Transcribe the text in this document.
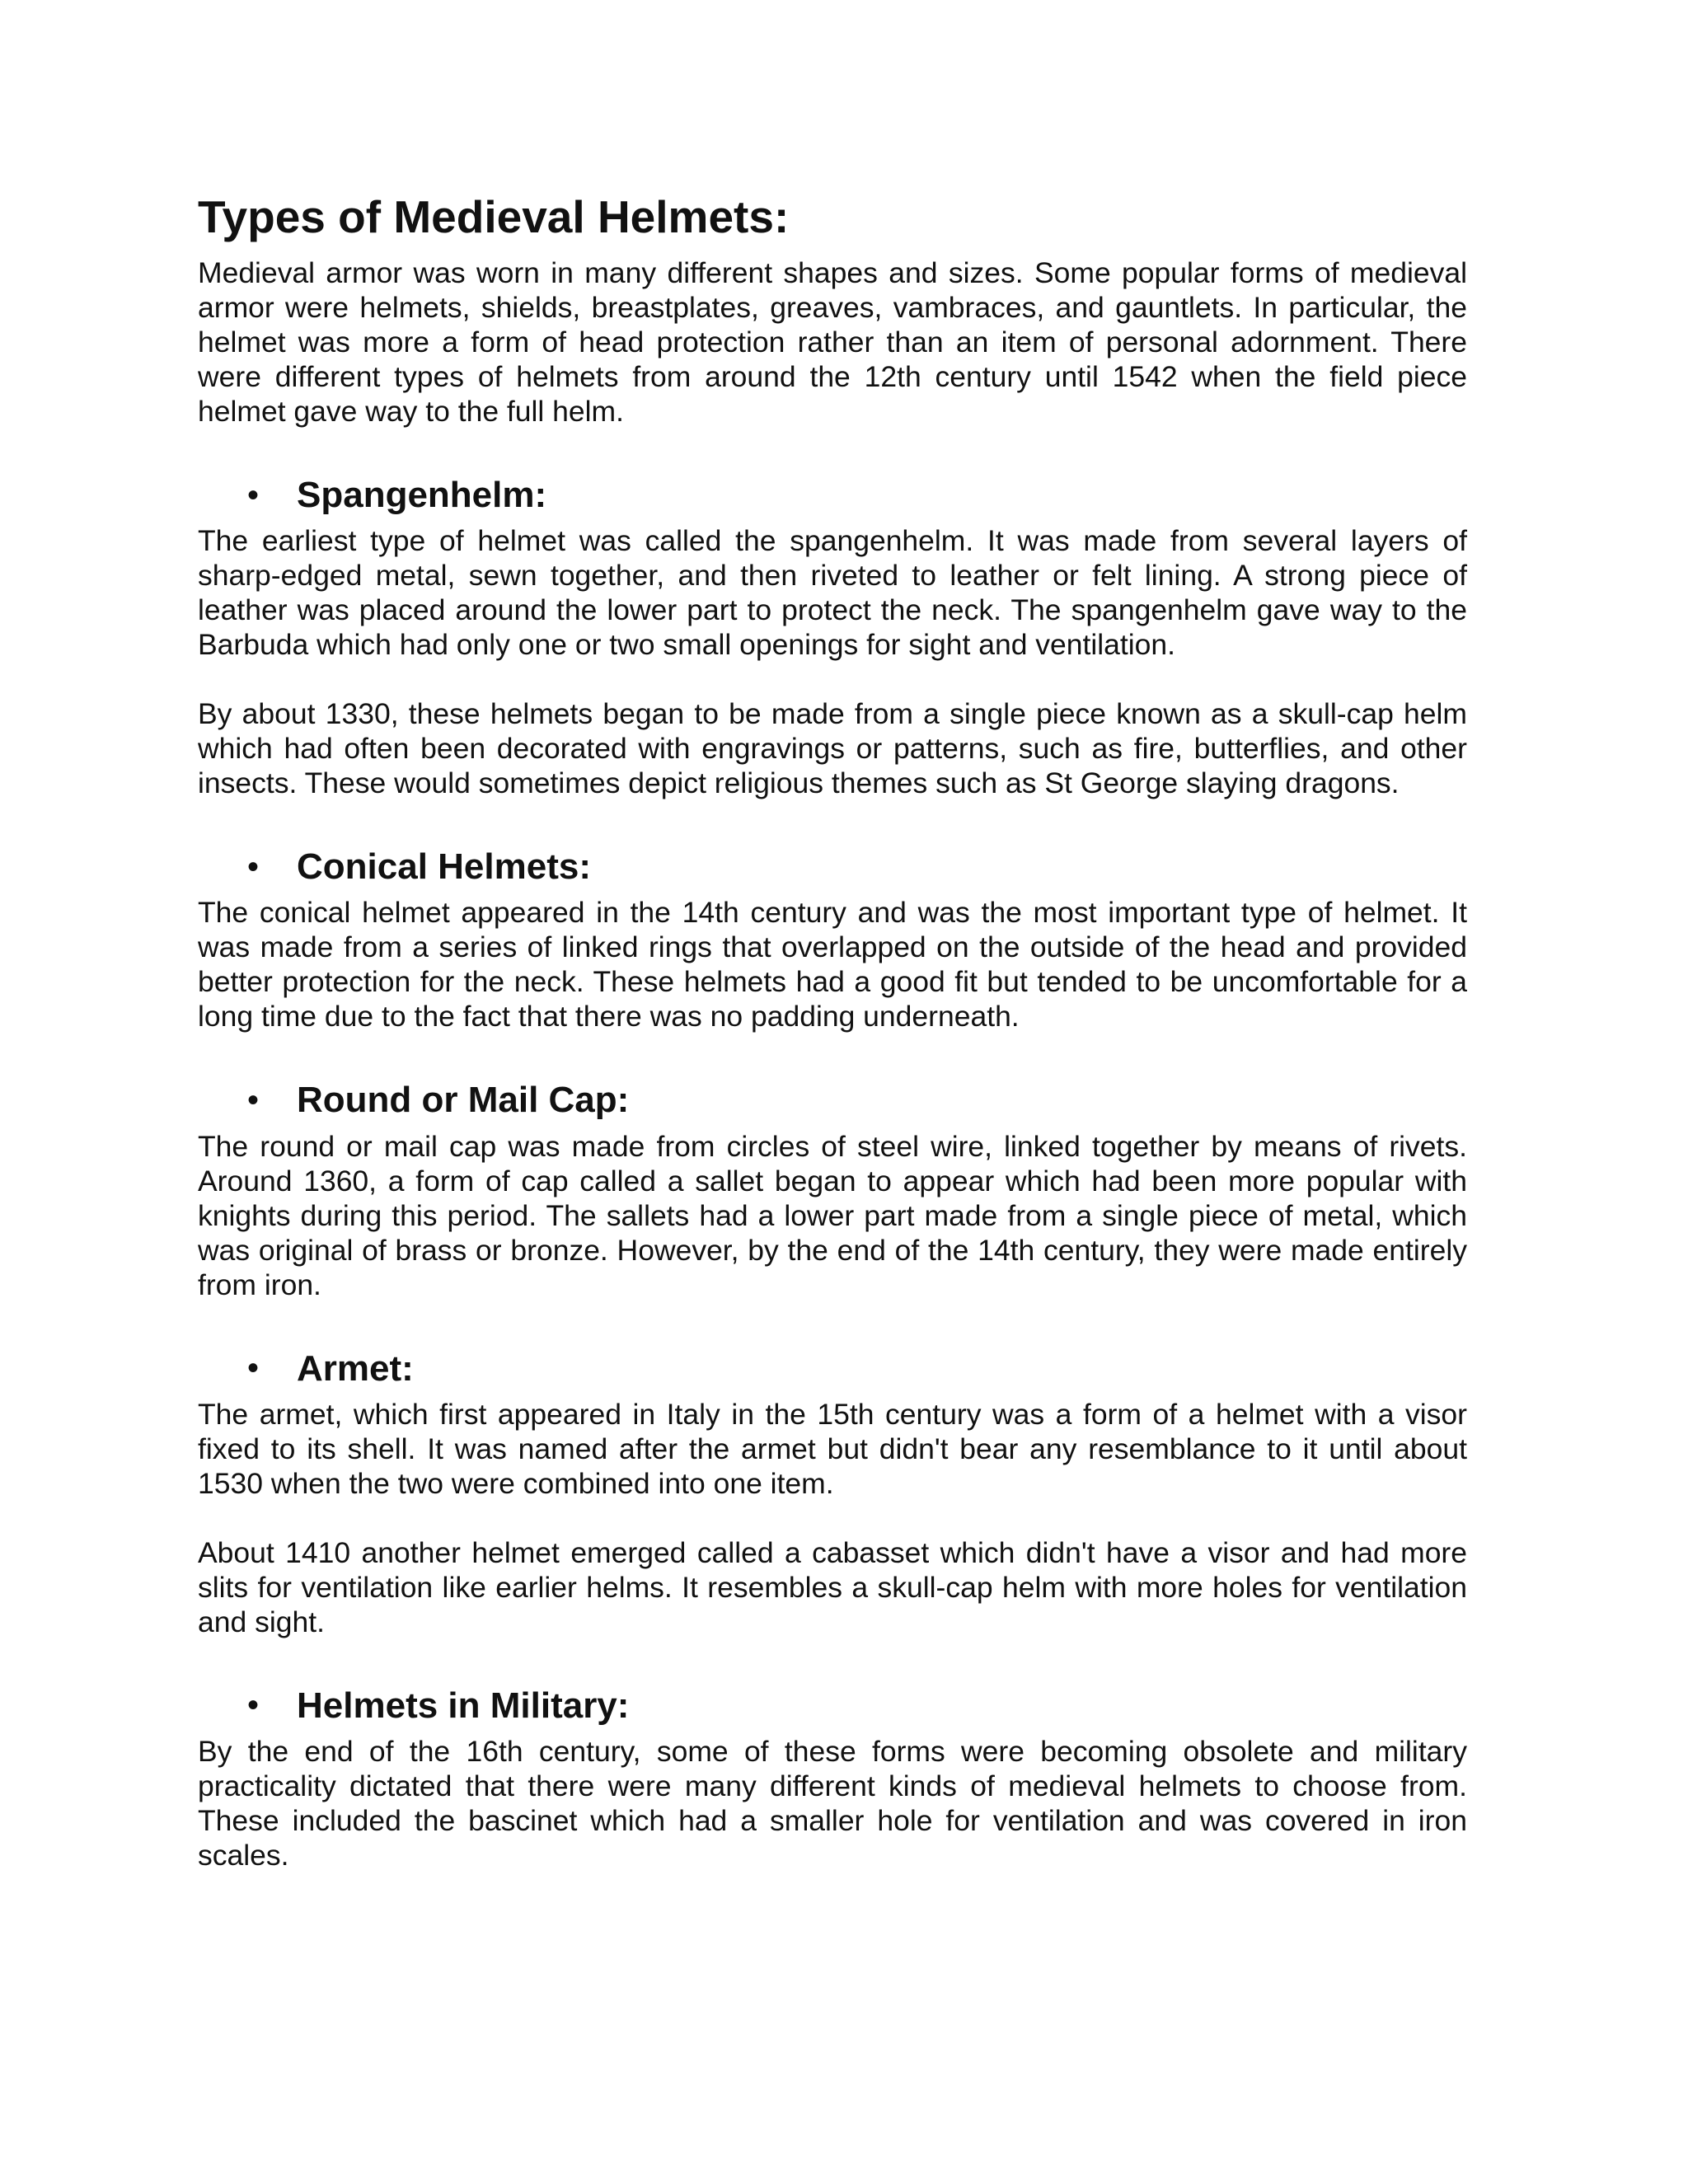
Types of Medieval Helmets:

Medieval armor was worn in many different shapes and sizes. Some popular forms of medieval armor were helmets, shields, breastplates, greaves, vambraces, and gauntlets. In particular, the helmet was more a form of head protection rather than an item of personal adornment. There were different types of helmets from around the 12th century until 1542 when the field piece helmet gave way to the full helm.

•	Spangenhelm:

The earliest type of helmet was called the spangenhelm. It was made from several layers of sharp-edged metal, sewn together, and then riveted to leather or felt lining. A strong piece of leather was placed around the lower part to protect the neck. The spangenhelm gave way to the Barbuda which had only one or two small openings for sight and ventilation.

By about 1330, these helmets began to be made from a single piece known as a skull-cap helm which had often been decorated with engravings or patterns, such as fire, butterflies, and other insects. These would sometimes depict religious themes such as St George slaying dragons.

•	Conical Helmets:

The conical helmet appeared in the 14th century and was the most important type of helmet. It was made from a series of linked rings that overlapped on the outside of the head and provided better protection for the neck. These helmets had a good fit but tended to be uncomfortable for a long time due to the fact that there was no padding underneath.

•	Round or Mail Cap:

The round or mail cap was made from circles of steel wire, linked together by means of rivets. Around 1360, a form of cap called a sallet began to appear which had been more popular with knights during this period. The sallets had a lower part made from a single piece of metal, which was original of brass or bronze. However, by the end of the 14th century, they were made entirely from iron.

•	Armet:

The armet, which first appeared in Italy in the 15th century was a form of a helmet with a visor fixed to its shell. It was named after the armet but didn't bear any resemblance to it until about 1530 when the two were combined into one item.

About 1410 another helmet emerged called a cabasset which didn't have a visor and had more slits for ventilation like earlier helms. It resembles a skull-cap helm with more holes for ventilation and sight.

•	Helmets in Military:

By the end of the 16th century, some of these forms were becoming obsolete and military practicality dictated that there were many different kinds of medieval helmets to choose from. These included the bascinet which had a smaller hole for ventilation and was covered in iron scales.
